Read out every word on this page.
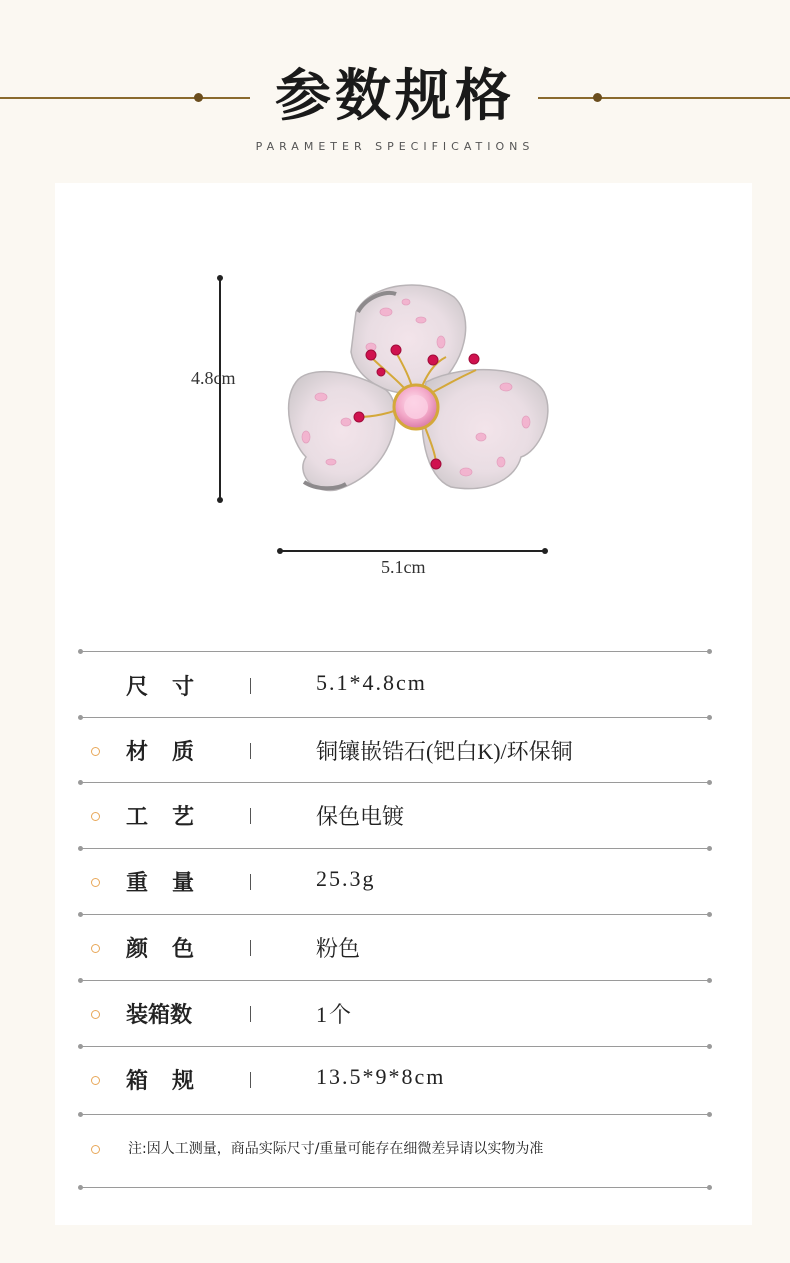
参数规格
PARAMETER SPECIFICATIONS
4.8cm
5.1cm
尺　寸	5.1*4.8cm
材　质	铜镶嵌锆石(钯白K)/环保铜
工　艺	保色电镀
重　量	25.3g
颜　色	粉色
装箱数	1个
箱　规	13.5*9*8cm
注:因人工测量，商品实际尺寸/重量可能存在细微差异请以实物为准
